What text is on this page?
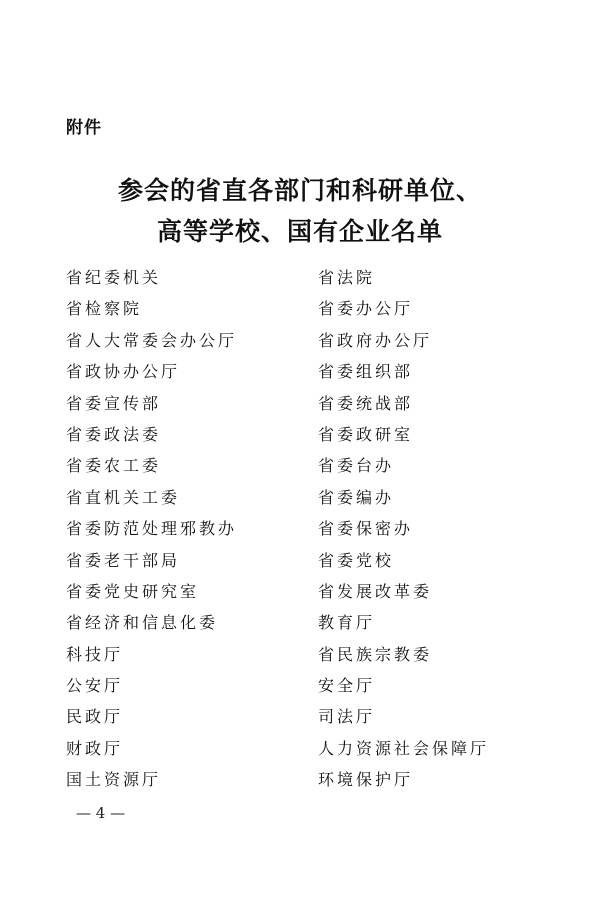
附件
参会的省直各部门和科研单位、
高等学校、国有企业名单
省纪委机关	省法院
省检察院	省委办公厅
省人大常委会办公厅	省政府办公厅
省政协办公厅	省委组织部
省委宣传部	省委统战部
省委政法委	省委政研室
省委农工委	省委台办
省直机关工委	省委编办
省委防范处理邪教办	省委保密办
省委老干部局	省委党校
省委党史研究室	省发展改革委
省经济和信息化委	教育厅
科技厅	省民族宗教委
公安厅	安全厅
民政厅	司法厅
财政厅	人力资源社会保障厅
国土资源厅	环境保护厅
— 4 —
